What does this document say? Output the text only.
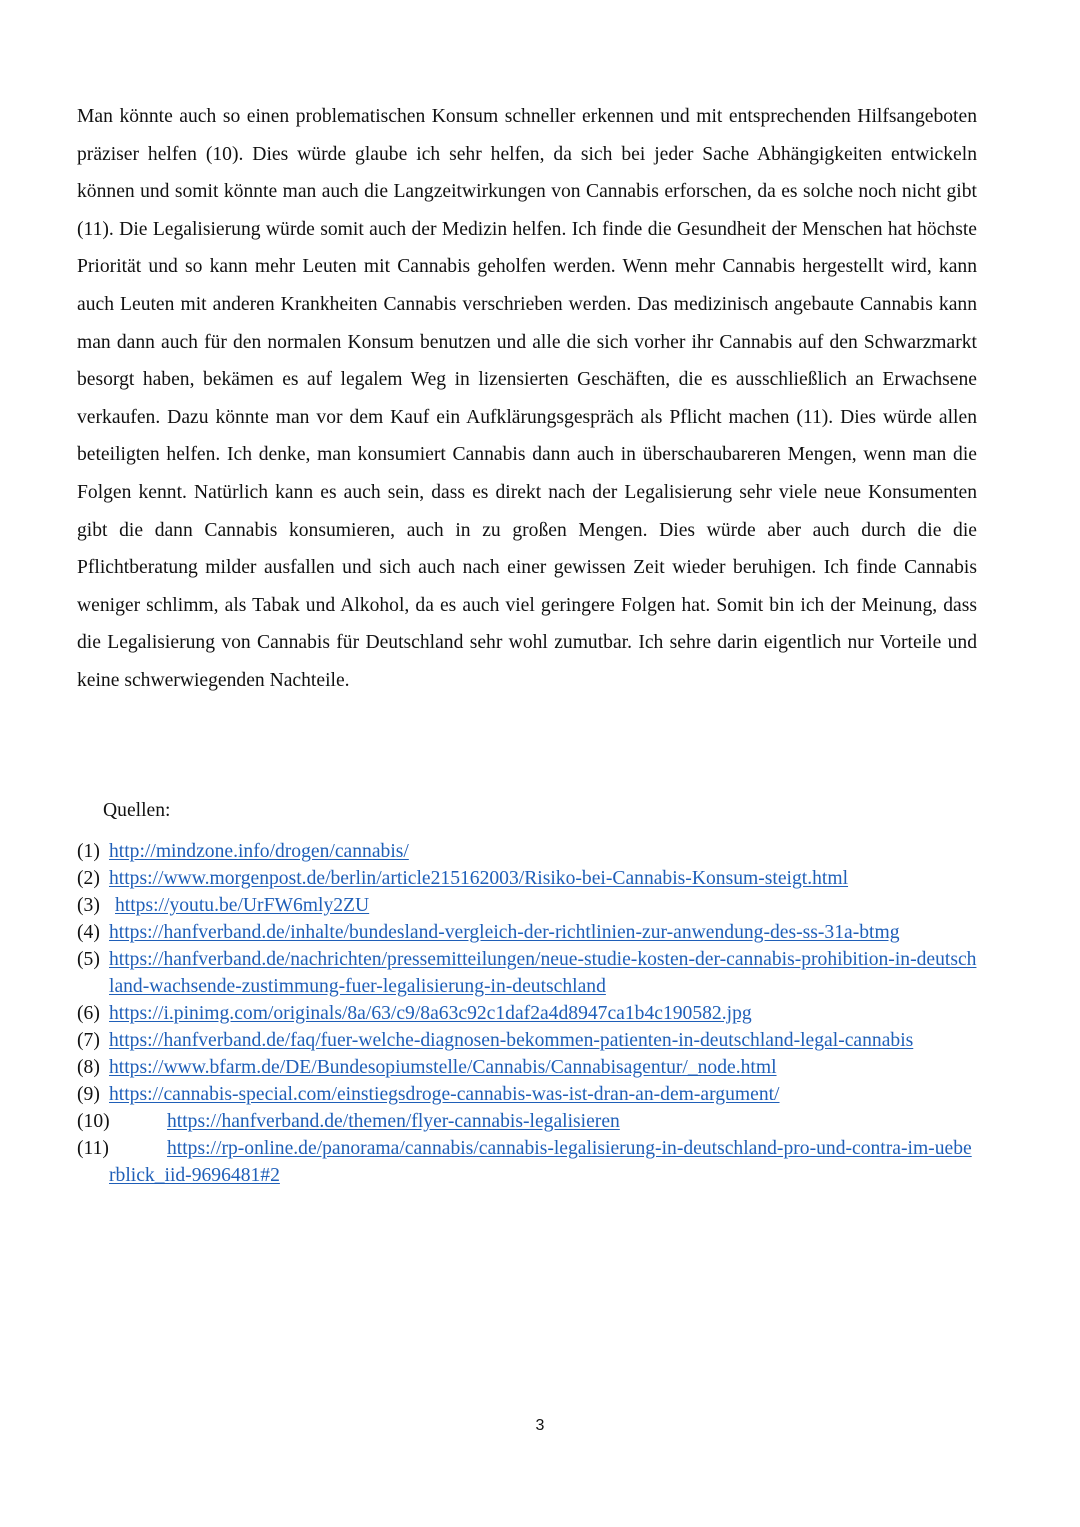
Man könnte auch so einen problematischen Konsum schneller erkennen und mit entsprechenden Hilfsangeboten präziser helfen (10). Dies würde glaube ich sehr helfen, da sich bei jeder Sache Abhängigkeiten entwickeln können und somit könnte man auch die Langzeitwirkungen von Cannabis erforschen, da es solche noch nicht gibt (11). Die Legalisierung würde somit auch der Medizin helfen. Ich finde die Gesundheit der Menschen hat höchste Priorität und so kann mehr Leuten mit Cannabis geholfen werden. Wenn mehr Cannabis hergestellt wird, kann auch Leuten mit anderen Krankheiten Cannabis verschrieben werden. Das medizinisch angebaute Cannabis kann man dann auch für den normalen Konsum benutzen und alle die sich vorher ihr Cannabis auf den Schwarzmarkt besorgt haben, bekämen es auf legalem Weg in lizensierten Geschäften, die es ausschließlich an Erwachsene verkaufen. Dazu könnte man vor dem Kauf ein Aufklärungsgespräch als Pflicht machen (11). Dies würde allen beteiligten helfen. Ich denke, man konsumiert Cannabis dann auch in überschaubareren Mengen, wenn man die Folgen kennt. Natürlich kann es auch sein, dass es direkt nach der Legalisierung sehr viele neue Konsumenten gibt die dann Cannabis konsumieren, auch in zu großen Mengen. Dies würde aber auch durch die die Pflichtberatung milder ausfallen und sich auch nach einer gewissen Zeit wieder beruhigen. Ich finde Cannabis weniger schlimm, als Tabak und Alkohol, da es auch viel geringere Folgen hat. Somit bin ich der Meinung, dass die Legalisierung von Cannabis für Deutschland sehr wohl zumutbar. Ich sehre darin eigentlich nur Vorteile und keine schwerwiegenden Nachteile.

Quellen:

(1) http://mindzone.info/drogen/cannabis/
(2) https://www.morgenpost.de/berlin/article215162003/Risiko-bei-Cannabis-Konsum-steigt.html
(3) https://youtu.be/UrFW6mly2ZU
(4) https://hanfverband.de/inhalte/bundesland-vergleich-der-richtlinien-zur-anwendung-des-ss-31a-btmg
(5) https://hanfverband.de/nachrichten/pressemitteilungen/neue-studie-kosten-der-cannabis-prohibition-in-deutschland-wachsende-zustimmung-fuer-legalisierung-in-deutschland
(6) https://i.pinimg.com/originals/8a/63/c9/8a63c92c1daf2a4d8947ca1b4c190582.jpg
(7) https://hanfverband.de/faq/fuer-welche-diagnosen-bekommen-patienten-in-deutschland-legal-cannabis
(8) https://www.bfarm.de/DE/Bundesopiumstelle/Cannabis/Cannabisagentur/_node.html
(9) https://cannabis-special.com/einstiegsdroge-cannabis-was-ist-dran-an-dem-argument/
(10)	https://hanfverband.de/themen/flyer-cannabis-legalisieren
(11)	https://rp-online.de/panorama/cannabis/cannabis-legalisierung-in-deutschland-pro-und-contra-im-ueberblick_iid-9696481#2
3
